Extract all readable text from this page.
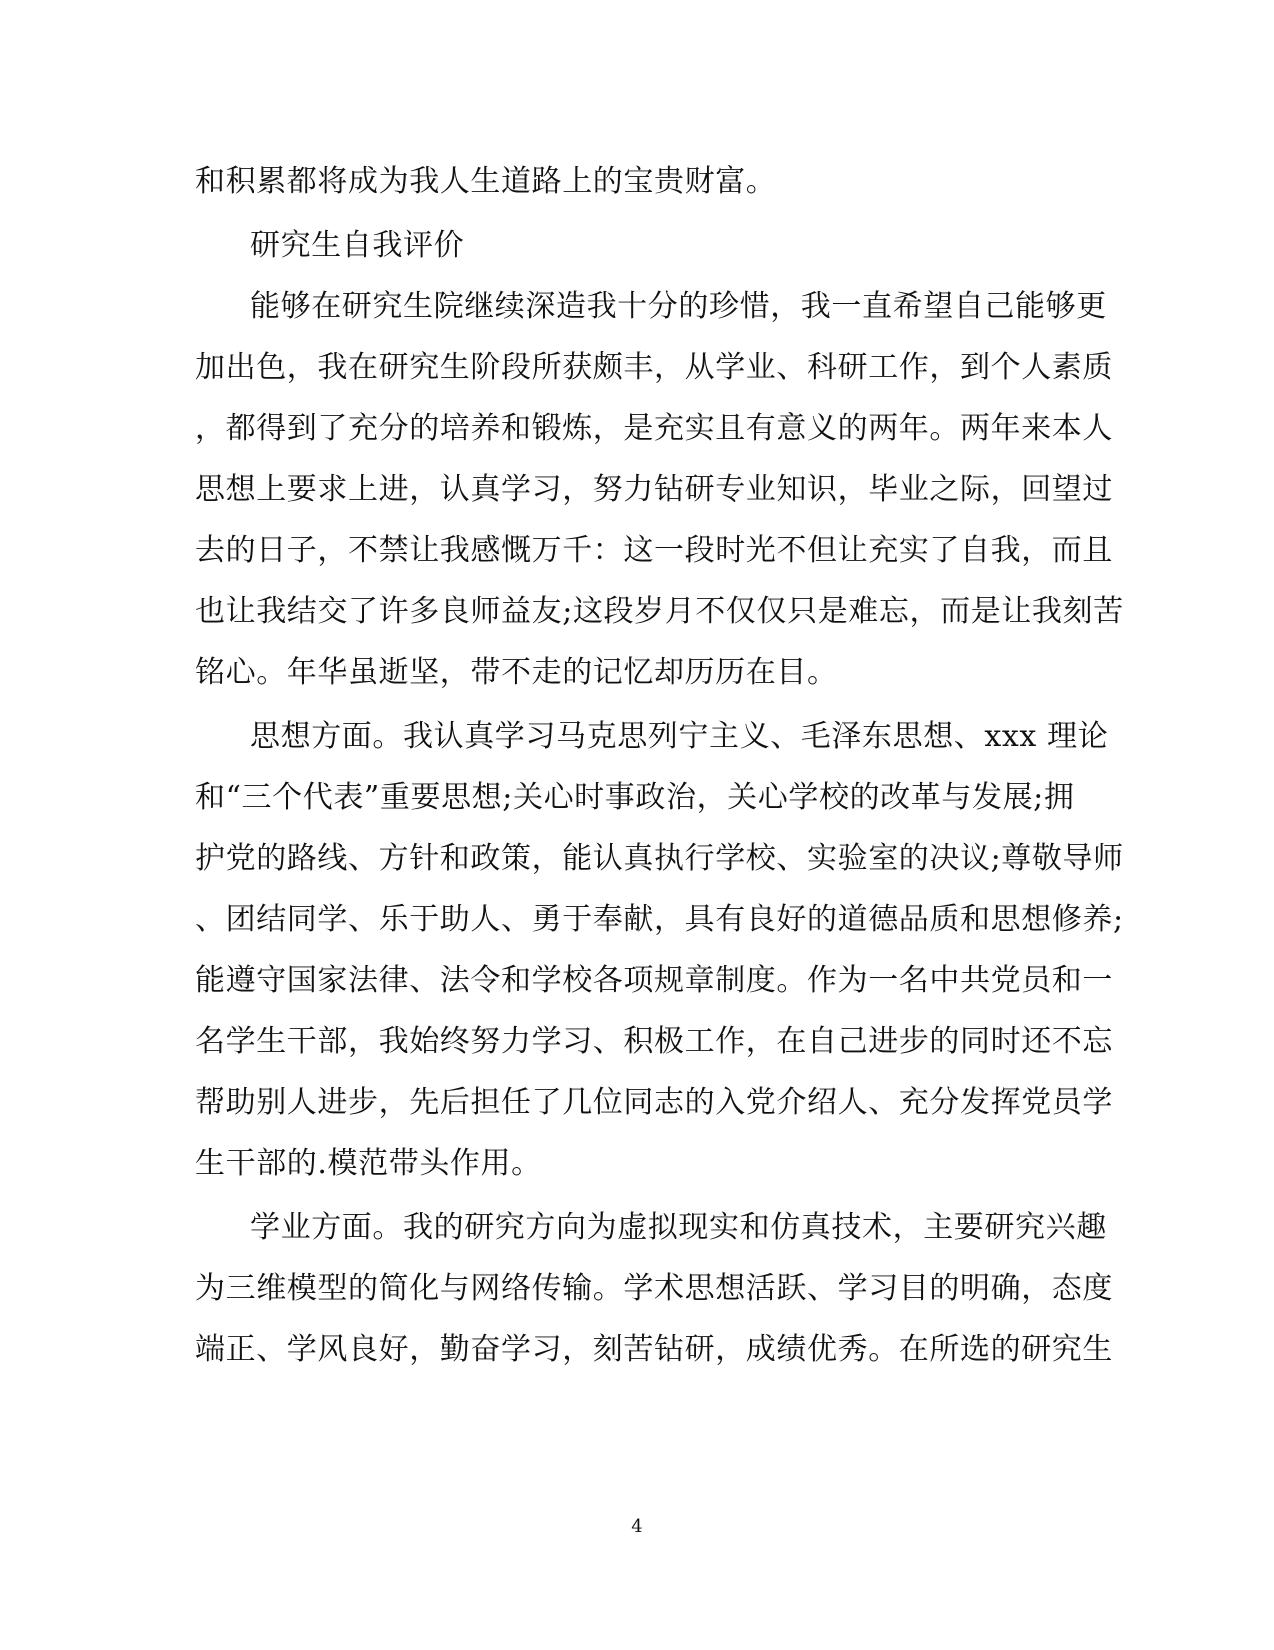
和积累都将成为我人生道路上的宝贵财富。
研究生自我评价
能够在研究生院继续深造我十分的珍惜，我一直希望自己能够更
加出色，我在研究生阶段所获颇丰，从学业、科研工作，到个人素质
，都得到了充分的培养和锻炼，是充实且有意义的两年。两年来本人
思想上要求上进，认真学习，努力钻研专业知识，毕业之际，回望过
去的日子，不禁让我感慨万千：这一段时光不但让充实了自我，而且
也让我结交了许多良师益友;这段岁月不仅仅只是难忘，而是让我刻苦
铭心。年华虽逝坚，带不走的记忆却历历在目。
思想方面。我认真学习马克思列宁主义、毛泽东思想、xxx 理论
和“三个代表”重要思想;关心时事政治，关心学校的改革与发展;拥
护党的路线、方针和政策，能认真执行学校、实验室的决议;尊敬导师
、团结同学、乐于助人、勇于奉献，具有良好的道德品质和思想修养;
能遵守国家法律、法令和学校各项规章制度。作为一名中共党员和一
名学生干部，我始终努力学习、积极工作，在自己进步的同时还不忘
帮助别人进步，先后担任了几位同志的入党介绍人、充分发挥党员学
生干部的.模范带头作用。
学业方面。我的研究方向为虚拟现实和仿真技术，主要研究兴趣
为三维模型的简化与网络传输。学术思想活跃、学习目的明确，态度
端正、学风良好，勤奋学习，刻苦钻研，成绩优秀。在所选的研究生
4
